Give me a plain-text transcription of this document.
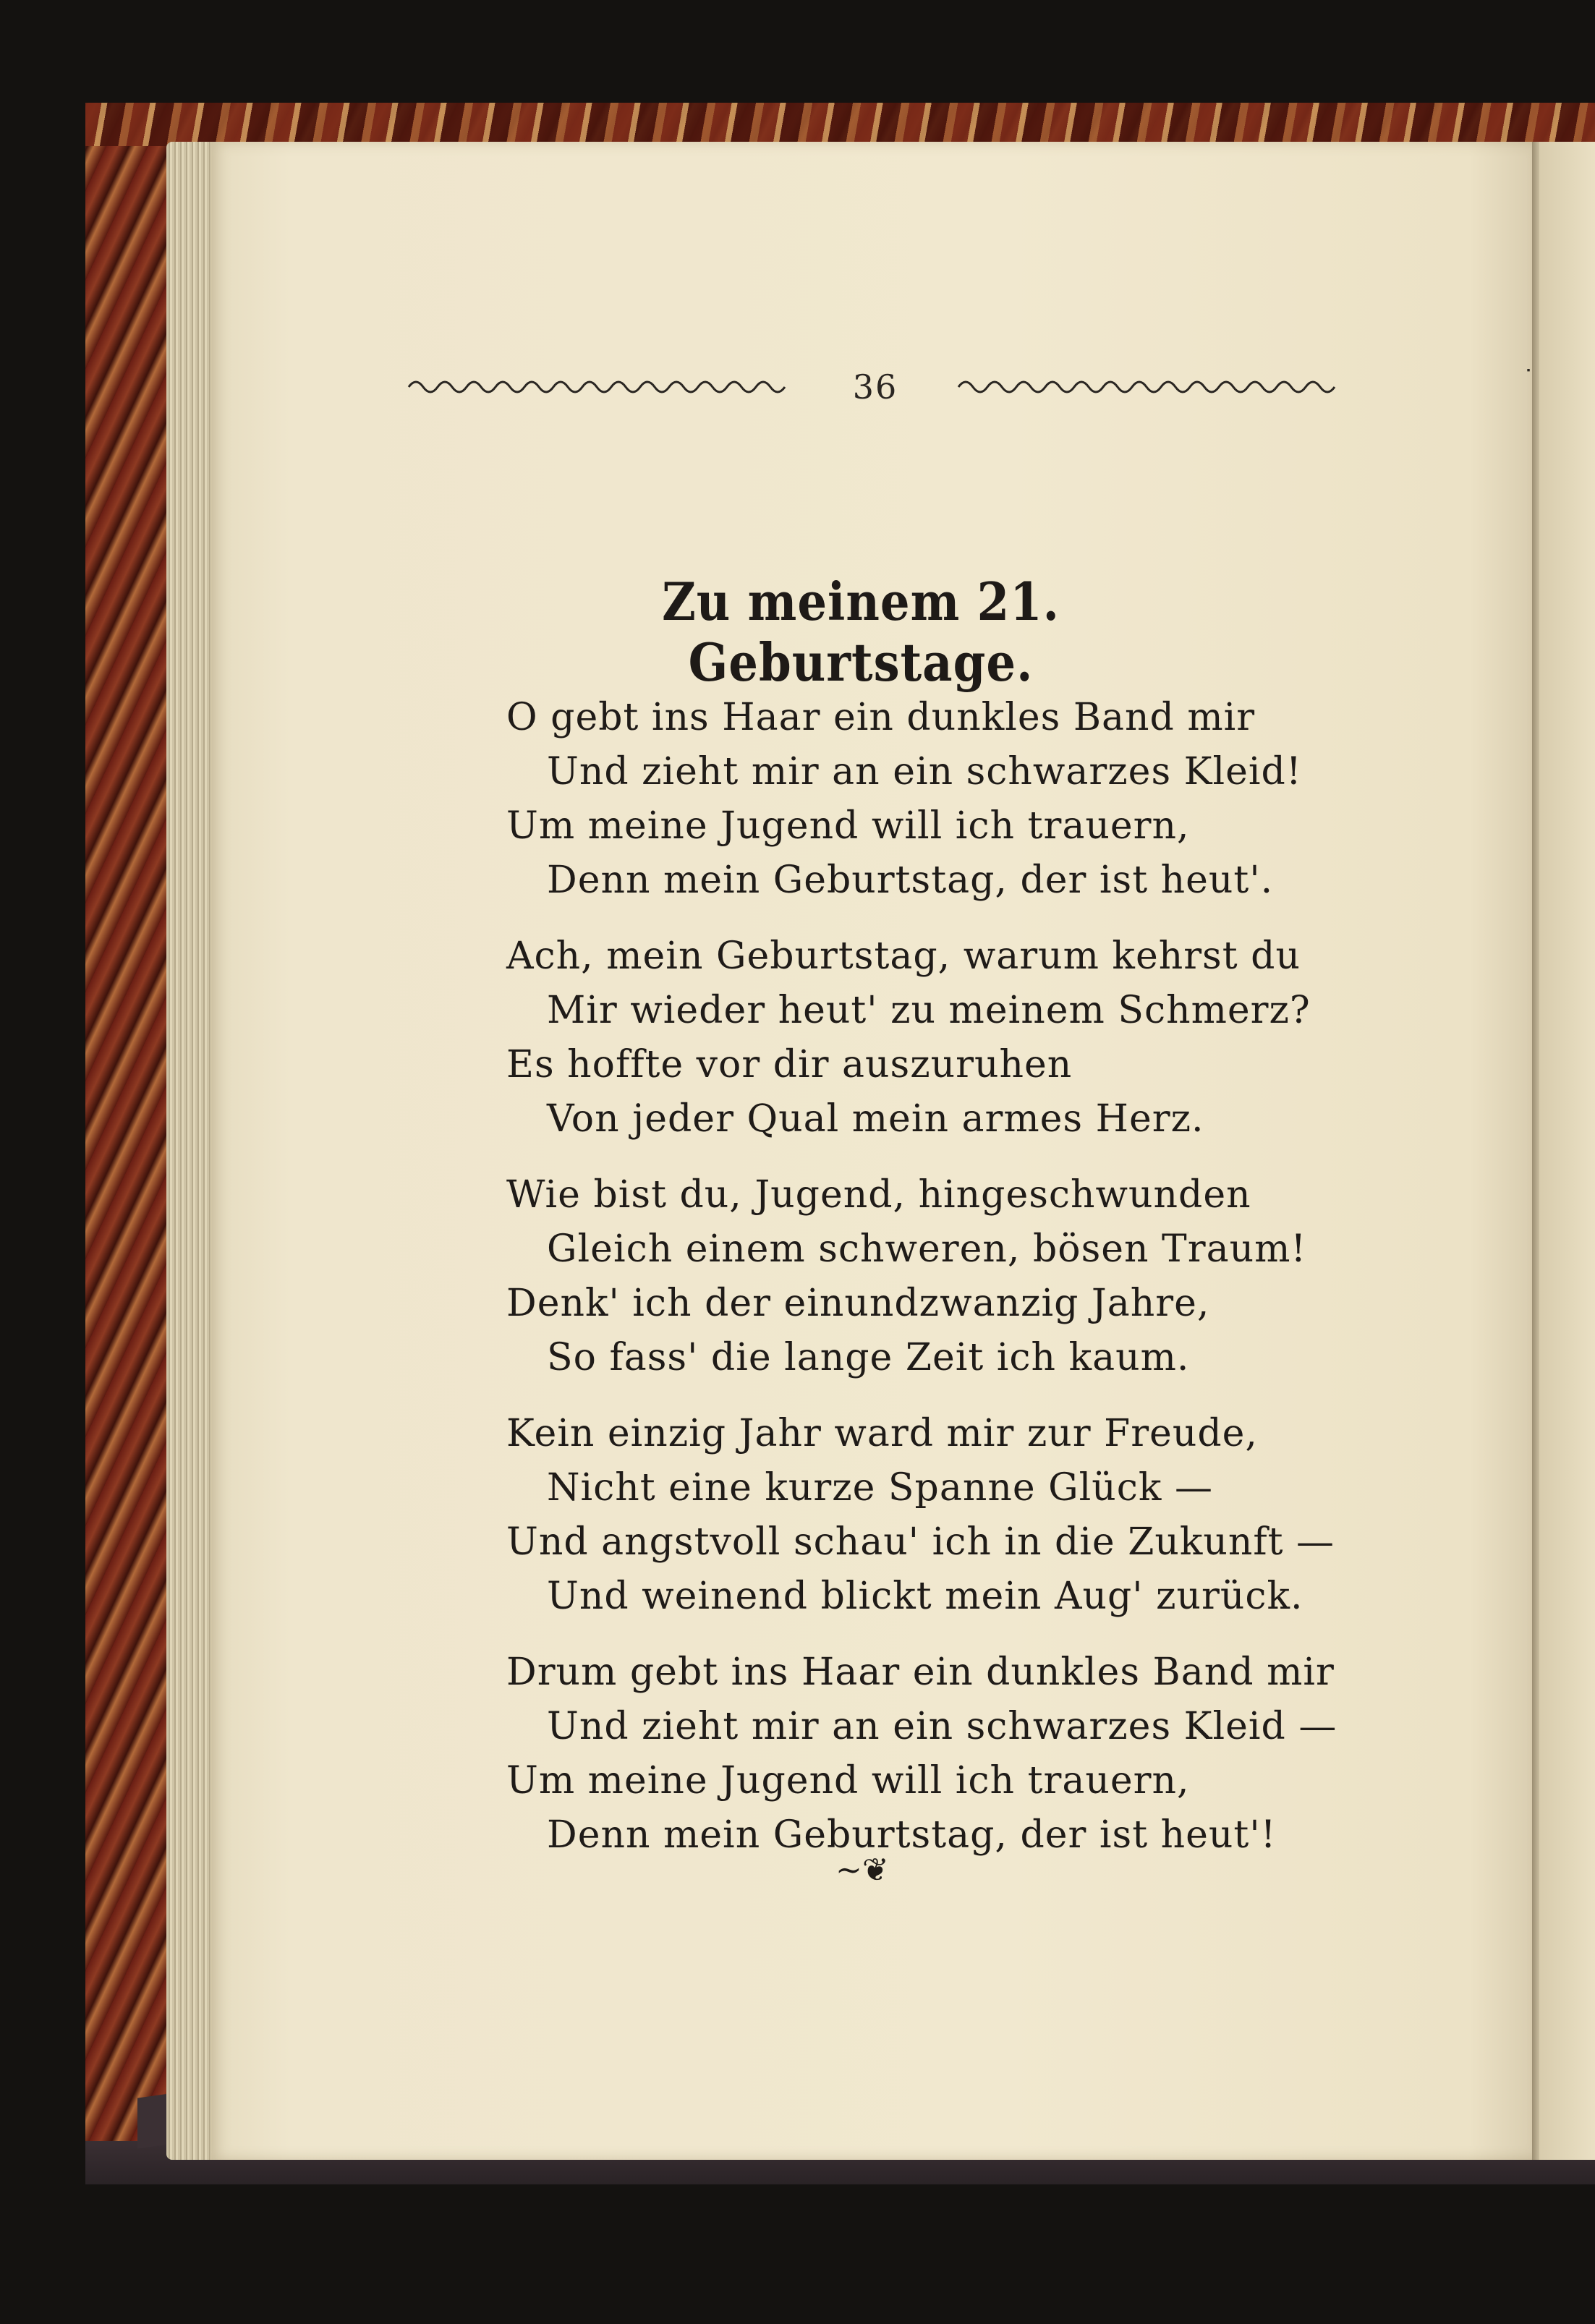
ᐧ
36
Zu meinem 21. Geburtstage.
O gebt ins Haar ein dunkles Band mir
Und zieht mir an ein schwarzes Kleid!
Um meine Jugend will ich trauern,
Denn mein Geburtstag, der ist heut'.
Ach, mein Geburtstag, warum kehrst du
Mir wieder heut' zu meinem Schmerz?
Es hoffte vor dir auszuruhen
Von jeder Qual mein armes Herz.
Wie bist du, Jugend, hingeschwunden
Gleich einem schweren, bösen Traum!
Denk' ich der einundzwanzig Jahre,
So fass' die lange Zeit ich kaum.
Kein einzig Jahr ward mir zur Freude,
Nicht eine kurze Spanne Glück —
Und angstvoll schau' ich in die Zukunft —
Und weinend blickt mein Aug' zurück.
Drum gebt ins Haar ein dunkles Band mir
Und zieht mir an ein schwarzes Kleid —
Um meine Jugend will ich trauern,
Denn mein Geburtstag, der ist heut'!
~❦
